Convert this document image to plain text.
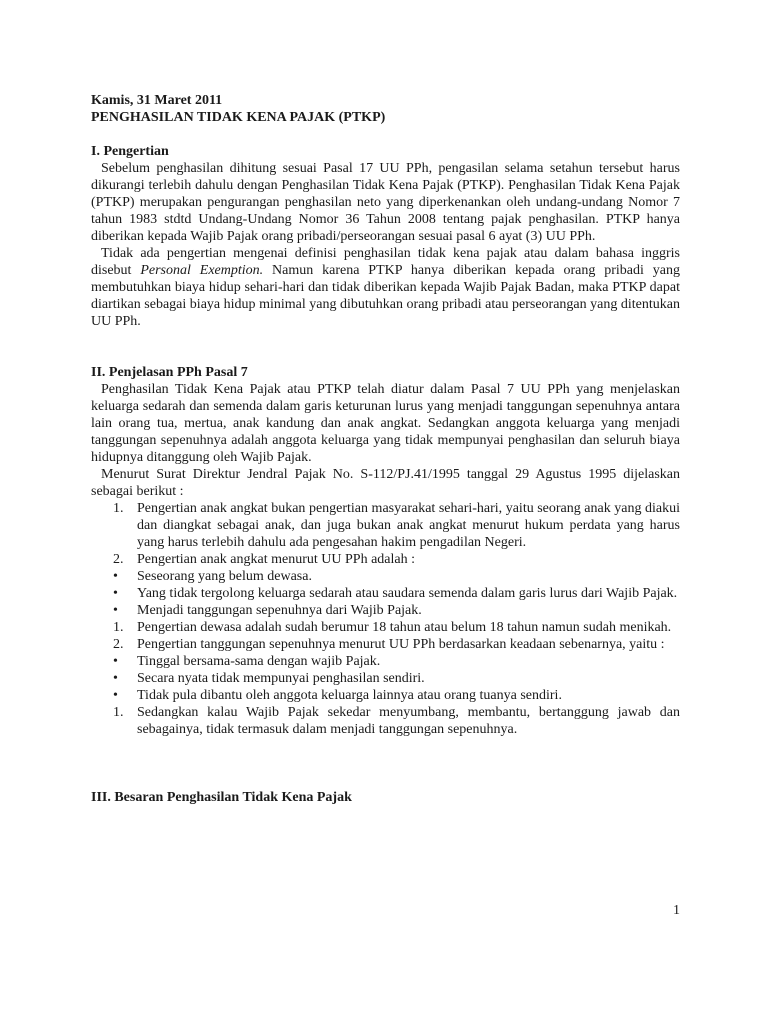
Kamis, 31 Maret 2011
PENGHASILAN TIDAK KENA PAJAK (PTKP)
I. Pengertian

Sebelum penghasilan dihitung sesuai Pasal 17 UU PPh, pengasilan selama setahun tersebut harus dikurangi terlebih dahulu dengan Penghasilan Tidak Kena Pajak (PTKP). Penghasilan Tidak Kena Pajak (PTKP) merupakan pengurangan penghasilan neto yang diperkenankan oleh undang-undang Nomor 7 tahun 1983 stdtd Undang-Undang Nomor 36 Tahun 2008 tentang pajak penghasilan. PTKP hanya diberikan kepada Wajib Pajak orang pribadi/perseorangan sesuai pasal 6 ayat (3) UU PPh.

Tidak ada pengertian mengenai definisi penghasilan tidak kena pajak atau dalam bahasa inggris disebut Personal Exemption. Namun karena PTKP hanya diberikan kepada orang pribadi yang membutuhkan biaya hidup sehari-hari dan tidak diberikan kepada Wajib Pajak Badan, maka PTKP dapat diartikan sebagai biaya hidup minimal yang dibutuhkan orang pribadi atau perseorangan yang ditentukan UU PPh.

II. Penjelasan PPh Pasal 7

Penghasilan Tidak Kena Pajak atau PTKP telah diatur dalam Pasal 7 UU PPh yang menjelaskan keluarga sedarah dan semenda dalam garis keturunan lurus yang menjadi tanggungan sepenuhnya antara lain orang tua, mertua, anak kandung dan anak angkat. Sedangkan anggota keluarga yang menjadi tanggungan sepenuhnya adalah anggota keluarga yang tidak mempunyai penghasilan dan seluruh biaya hidupnya ditanggung oleh Wajib Pajak.

Menurut Surat Direktur Jendral Pajak No. S-112/PJ.41/1995 tanggal 29 Agustus 1995 dijelaskan sebagai berikut :

1. Pengertian anak angkat bukan pengertian masyarakat sehari-hari, yaitu seorang anak yang diakui dan diangkat sebagai anak, dan juga bukan anak angkat menurut hukum perdata yang harus yang harus terlebih dahulu ada pengesahan hakim pengadilan Negeri.
2. Pengertian anak angkat menurut UU PPh adalah :
•	Seseorang yang belum dewasa.
•	Yang tidak tergolong keluarga sedarah atau saudara semenda dalam garis lurus dari Wajib Pajak.
•	Menjadi tanggungan sepenuhnya dari Wajib Pajak.
1. Pengertian dewasa adalah sudah berumur 18 tahun atau belum 18 tahun namun sudah menikah.
2. Pengertian tanggungan sepenuhnya menurut UU PPh berdasarkan keadaan sebenarnya, yaitu :
•	Tinggal bersama-sama dengan wajib Pajak.
•	Secara nyata tidak mempunyai penghasilan sendiri.
•	Tidak pula dibantu oleh anggota keluarga lainnya atau orang tuanya sendiri.
1. Sedangkan kalau Wajib Pajak sekedar menyumbang, membantu, bertanggung jawab dan sebagainya, tidak termasuk dalam menjadi tanggungan sepenuhnya.
III. Besaran Penghasilan Tidak Kena Pajak
1
